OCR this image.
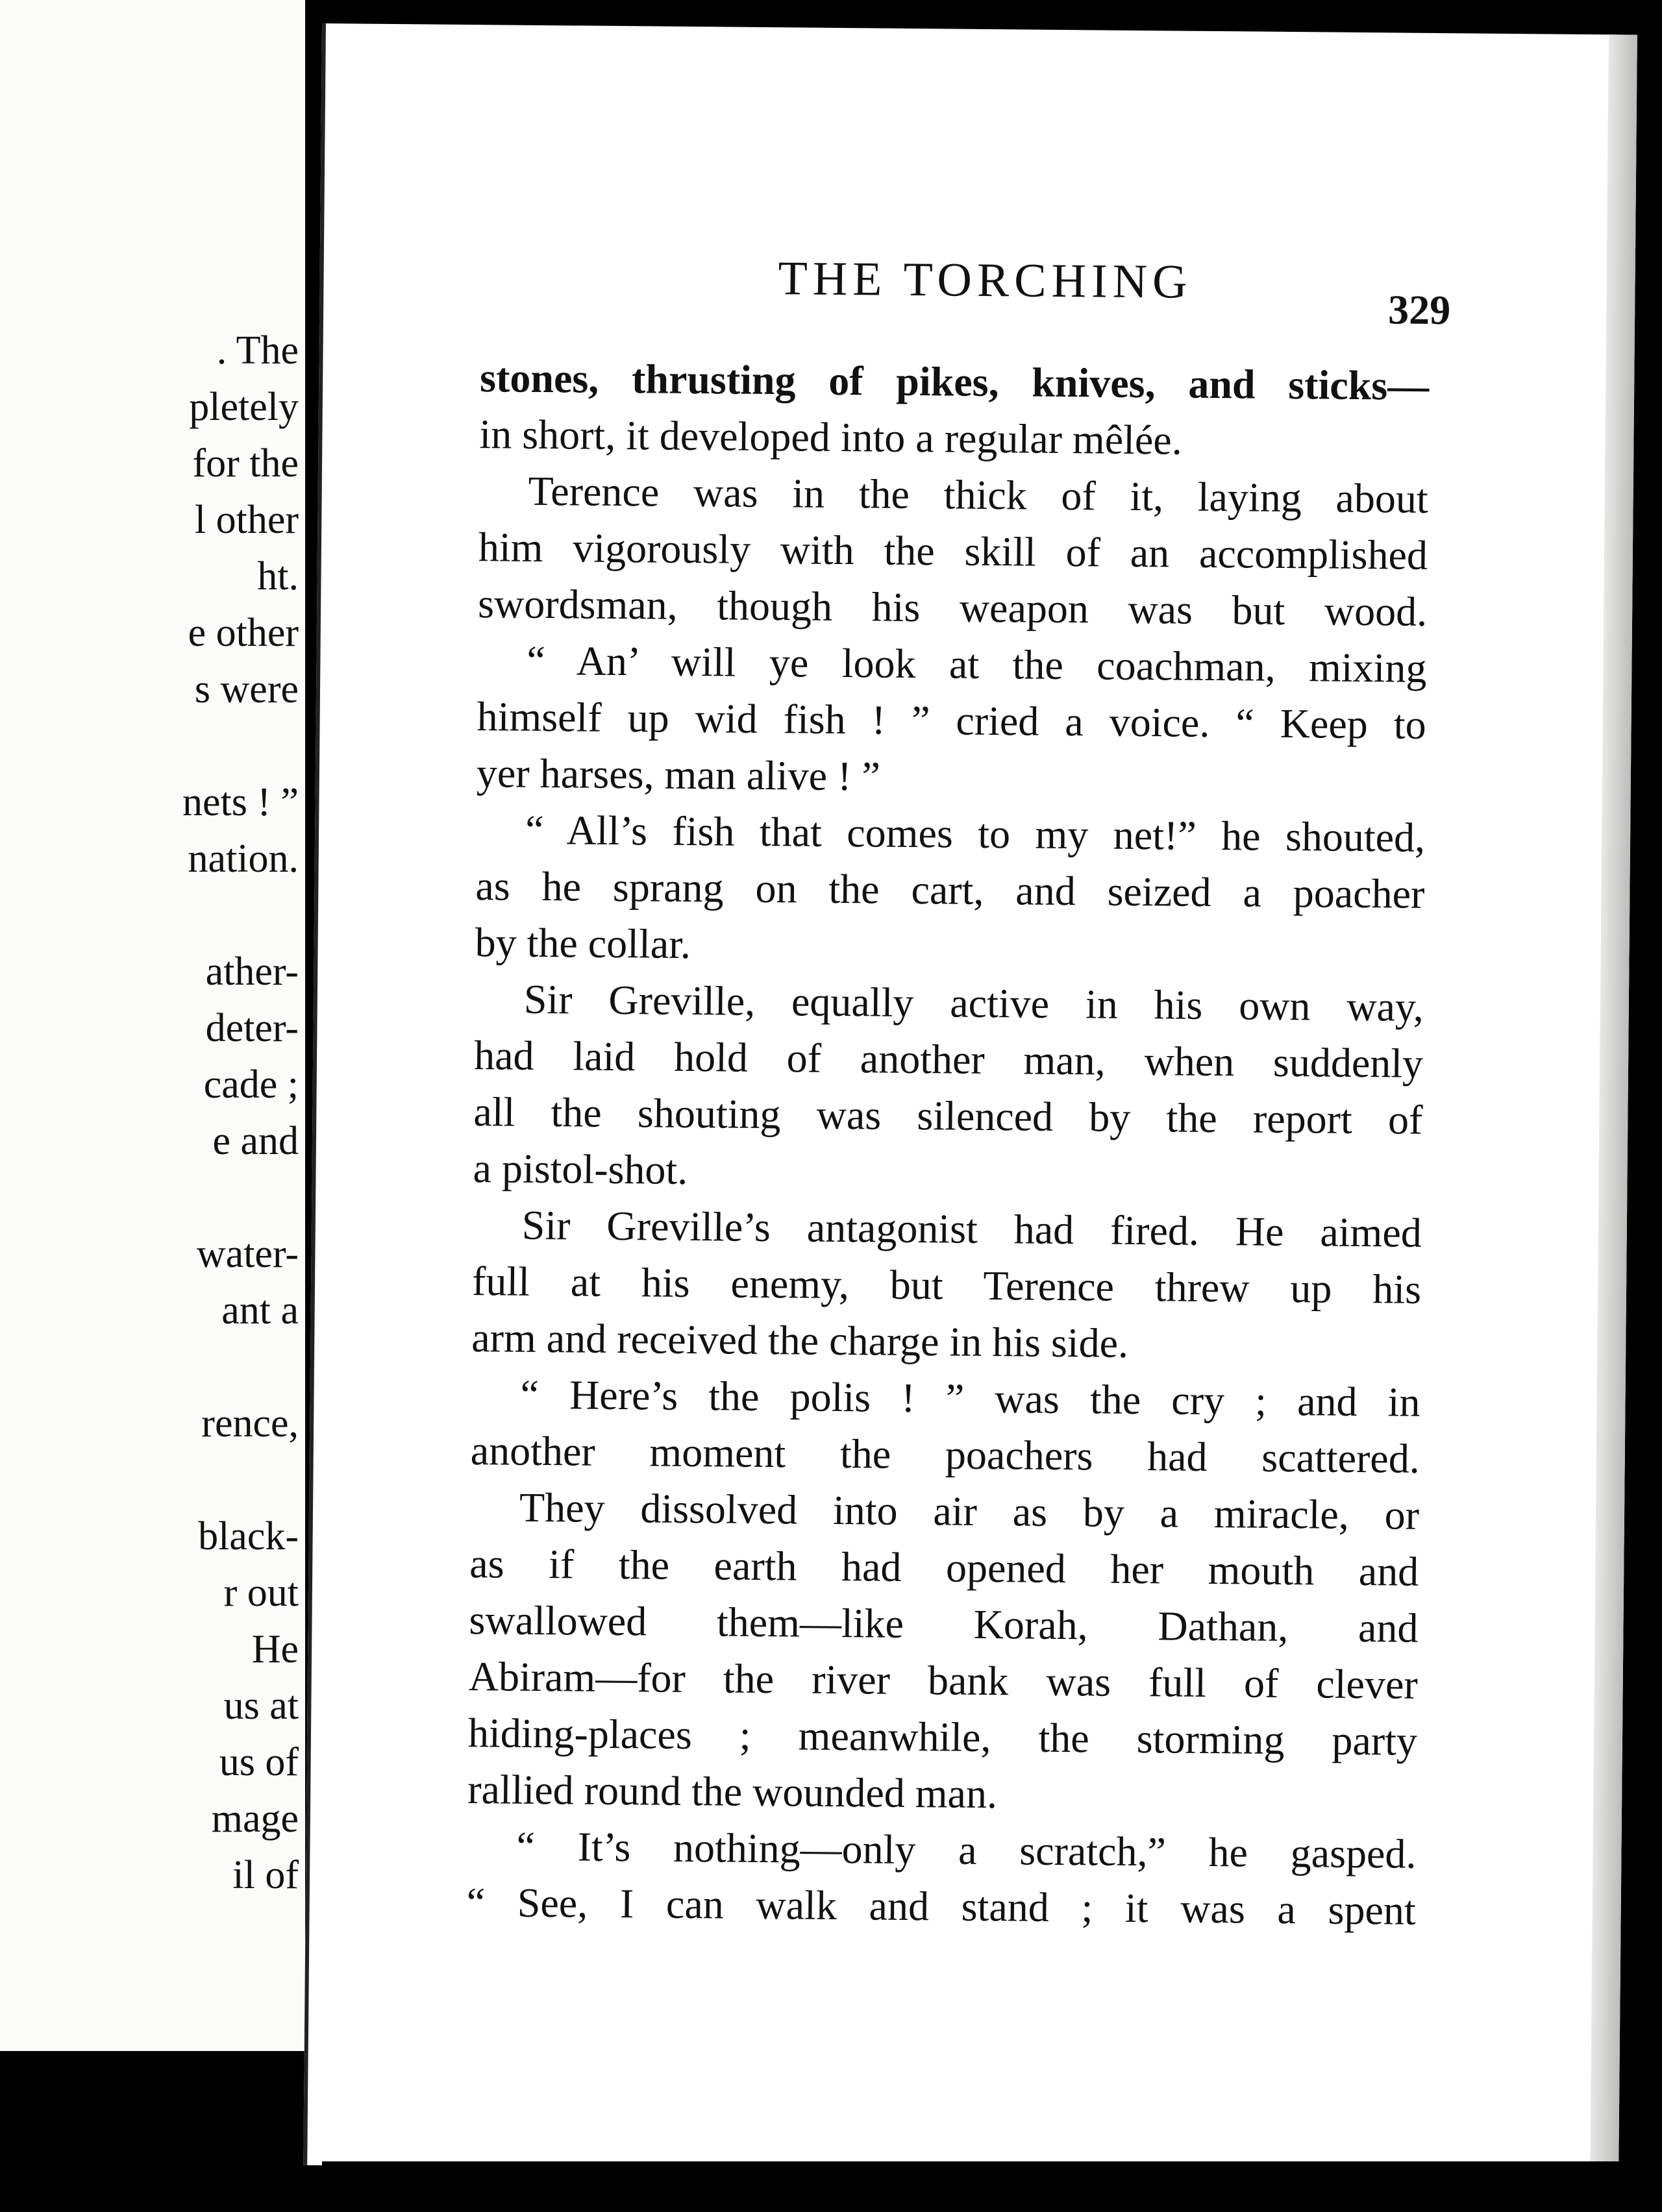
. The
pletely
for the
l other
ht.
e other
s were
nets ! ”
nation.
ather-
deter-
cade ;
e and
water-
ant a
rence,
black-
r out
He
us at
us of
mage
il of
THE TORCHING
329
stones, thrusting of pikes, knives, and sticks—
in short, it developed into a regular mêlée.
Terence was in the thick of it, laying about
him vigorously with the skill of an accomplished
swordsman, though his weapon was but wood.
“ An’ will ye look at the coachman, mixing
himself up wid fish ! ” cried a voice. “ Keep to
yer harses, man alive ! ”
“ All’s fish that comes to my net!” he shouted,
as he sprang on the cart, and seized a poacher
by the collar.
Sir Greville, equally active in his own way,
had laid hold of another man, when suddenly
all the shouting was silenced by the report of
a pistol-shot.
Sir Greville’s antagonist had fired. He aimed
full at his enemy, but Terence threw up his
arm and received the charge in his side.
“ Here’s the polis ! ” was the cry ; and in
another moment the poachers had scattered.
They dissolved into air as by a miracle, or
as if the earth had opened her mouth and
swallowed them—like Korah, Dathan, and
Abiram—for the river bank was full of clever
hiding-places ; meanwhile, the storming party
rallied round the wounded man.
“ It’s nothing—only a scratch,” he gasped.
“ See, I can walk and stand ; it was a spent
